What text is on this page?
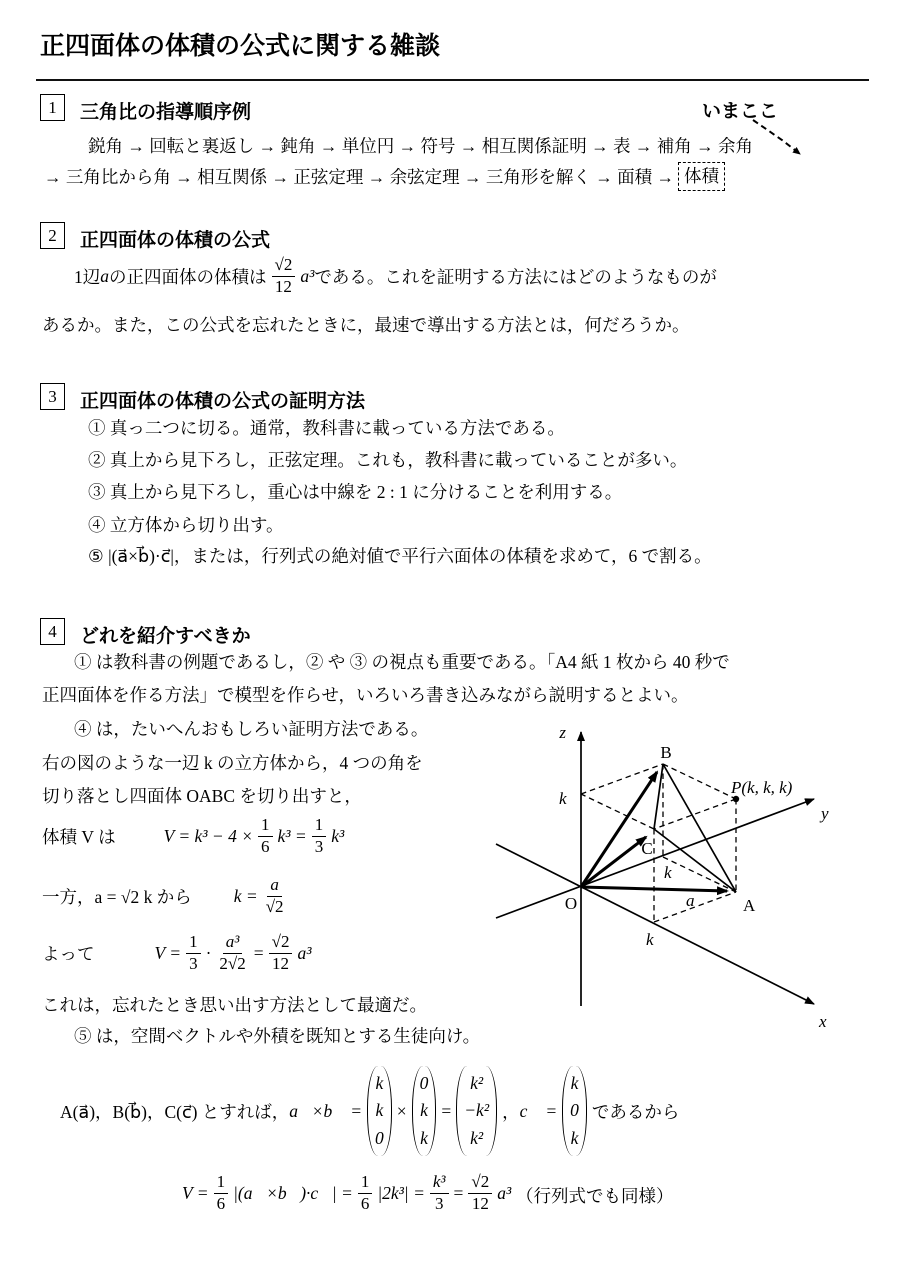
正四面体の体積の公式に関する雑談
1 三角比の指導順序例	いまここ
鋭角 → 回転と裏返し → 鈍角 → 単位円 → 符号 → 相互関係証明 → 表 → 補角 → 余角
→ 三角比から角 → 相互関係 → 正弦定理 → 余弦定理 → 三角形を解く → 面積 → 体積
2 正四面体の体積の公式
1辺 a の正四面体の体積は $\frac{√2}{12} a^3$ である。これを証明する方法にはどのようなものが
あるか。また，この公式を忘れたときに，最速で導出する方法とは，何だろうか。
3 正四面体の体積の公式の証明方法
① 真っ二つに切る。通常，教科書に載っている方法である。
② 真上から見下ろし，正弦定理。これも，教科書に載っていることが多い。
③ 真上から見下ろし，重心は中線を 2 : 1 に分けることを利用する。
④ 立方体から切り出す。
⑤ |(a⃗×b⃗)·c⃗|，または，行列式の絶対値で平行六面体の体積を求めて，6 で割る。
4 どれを紹介すべきか
① は教科書の例題であるし，② や ③ の視点も重要である。「A4 紙 1 枚から 40 秒で
正四面体を作る方法」で模型を作らせ，いろいろ書き込みながら説明するとよい。
④ は，たいへんおもしろい証明方法である。
右の図のような一辺 k の立方体から，4 つの角を
切り落とし四面体 OABC を切り出すと，
体積 V は	$V = k^3 - 4 \times \frac{1}{6} k^3 = \frac{1}{3} k^3$
一方，a = √2 k から $k = \frac{a}{√2}$
よって	$V = \frac{1}{3} \cdot \frac{\text{a³}}{2√2} = \frac{√2}{12} a^3$
これは，忘れたとき思い出す方法として最適だ。
⑤ は，空間ベクトルや外積を既知とする生徒向け。
z
y
x
B
C
A
O
P(k, k, k)
a
k
k
k
A(a⃗)，B(b⃗)，C(c⃗) とすれば， a⃗×b⃗ =
k
k
0
×
0
k
k
=
k²
−k²
k²
， c⃗ =
k
0
k
であるから
$V = \frac{1}{6}$ |(a⃗×b⃗)·c⃗| = $\frac{1}{6} |2k^3| = \frac{\text{k³}}{3} = \frac{√2}{12} a^3$ （行列式でも同様）
